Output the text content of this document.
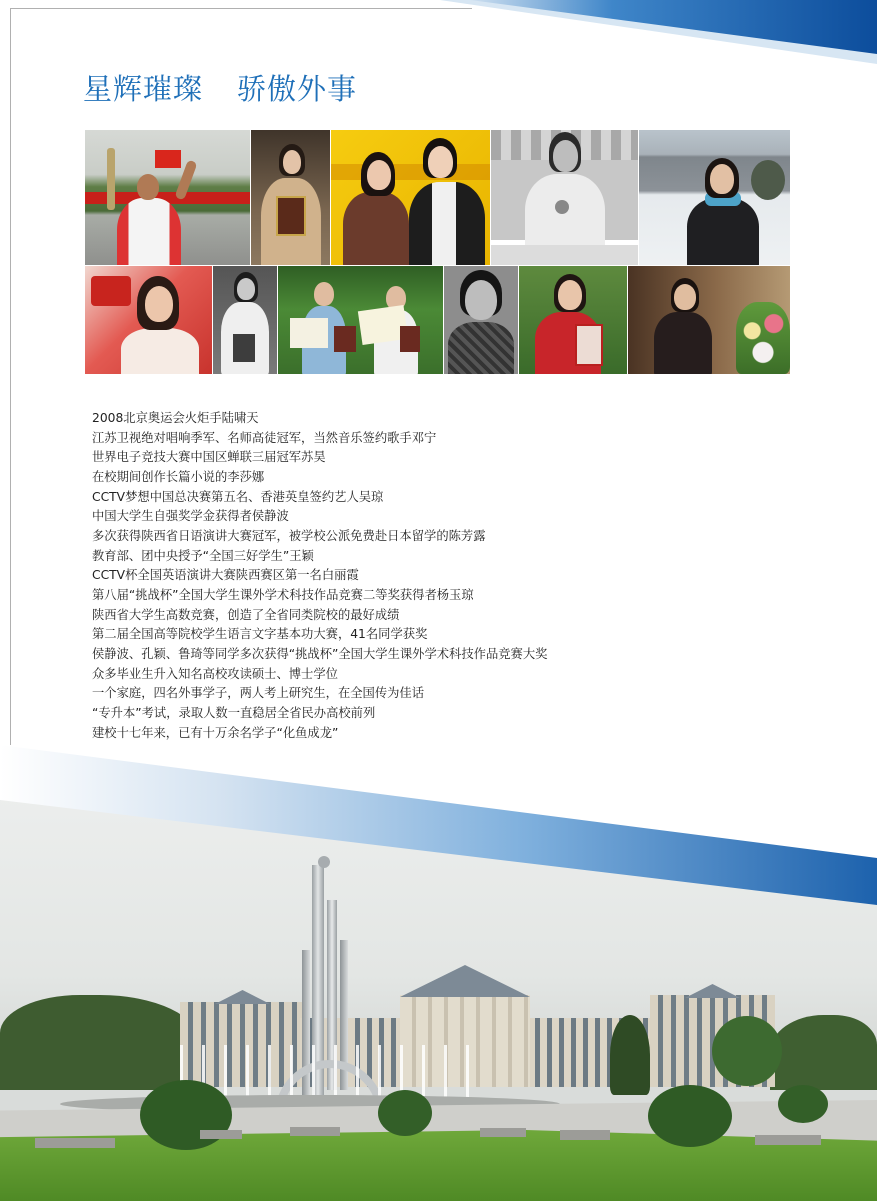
星辉璀璨 骄傲外事
2008北京奥运会火炬手陆啸天
江苏卫视绝对唱响季军、名师高徒冠军，当然音乐签约歌手邓宁
世界电子竞技大赛中国区蝉联三届冠军苏昊
在校期间创作长篇小说的李莎娜
CCTV梦想中国总决赛第五名、香港英皇签约艺人吴琼
中国大学生自强奖学金获得者侯静波
多次获得陕西省日语演讲大赛冠军，被学校公派免费赴日本留学的陈芳露
教育部、团中央授予“全国三好学生”王颖
CCTV杯全国英语演讲大赛陕西赛区第一名白丽霞
第八届“挑战杯”全国大学生课外学术科技作品竞赛二等奖获得者杨玉琼
陕西省大学生高数竞赛，创造了全省同类院校的最好成绩
第二届全国高等院校学生语言文字基本功大赛，41名同学获奖
侯静波、孔颖、鲁琦等同学多次获得“挑战杯”全国大学生课外学术科技作品竞赛大奖
众多毕业生升入知名高校攻读硕士、博士学位
一个家庭，四名外事学子，两人考上研究生，在全国传为佳话
“专升本”考试，录取人数一直稳居全省民办高校前列
建校十七年来，已有十万余名学子“化鱼成龙”
